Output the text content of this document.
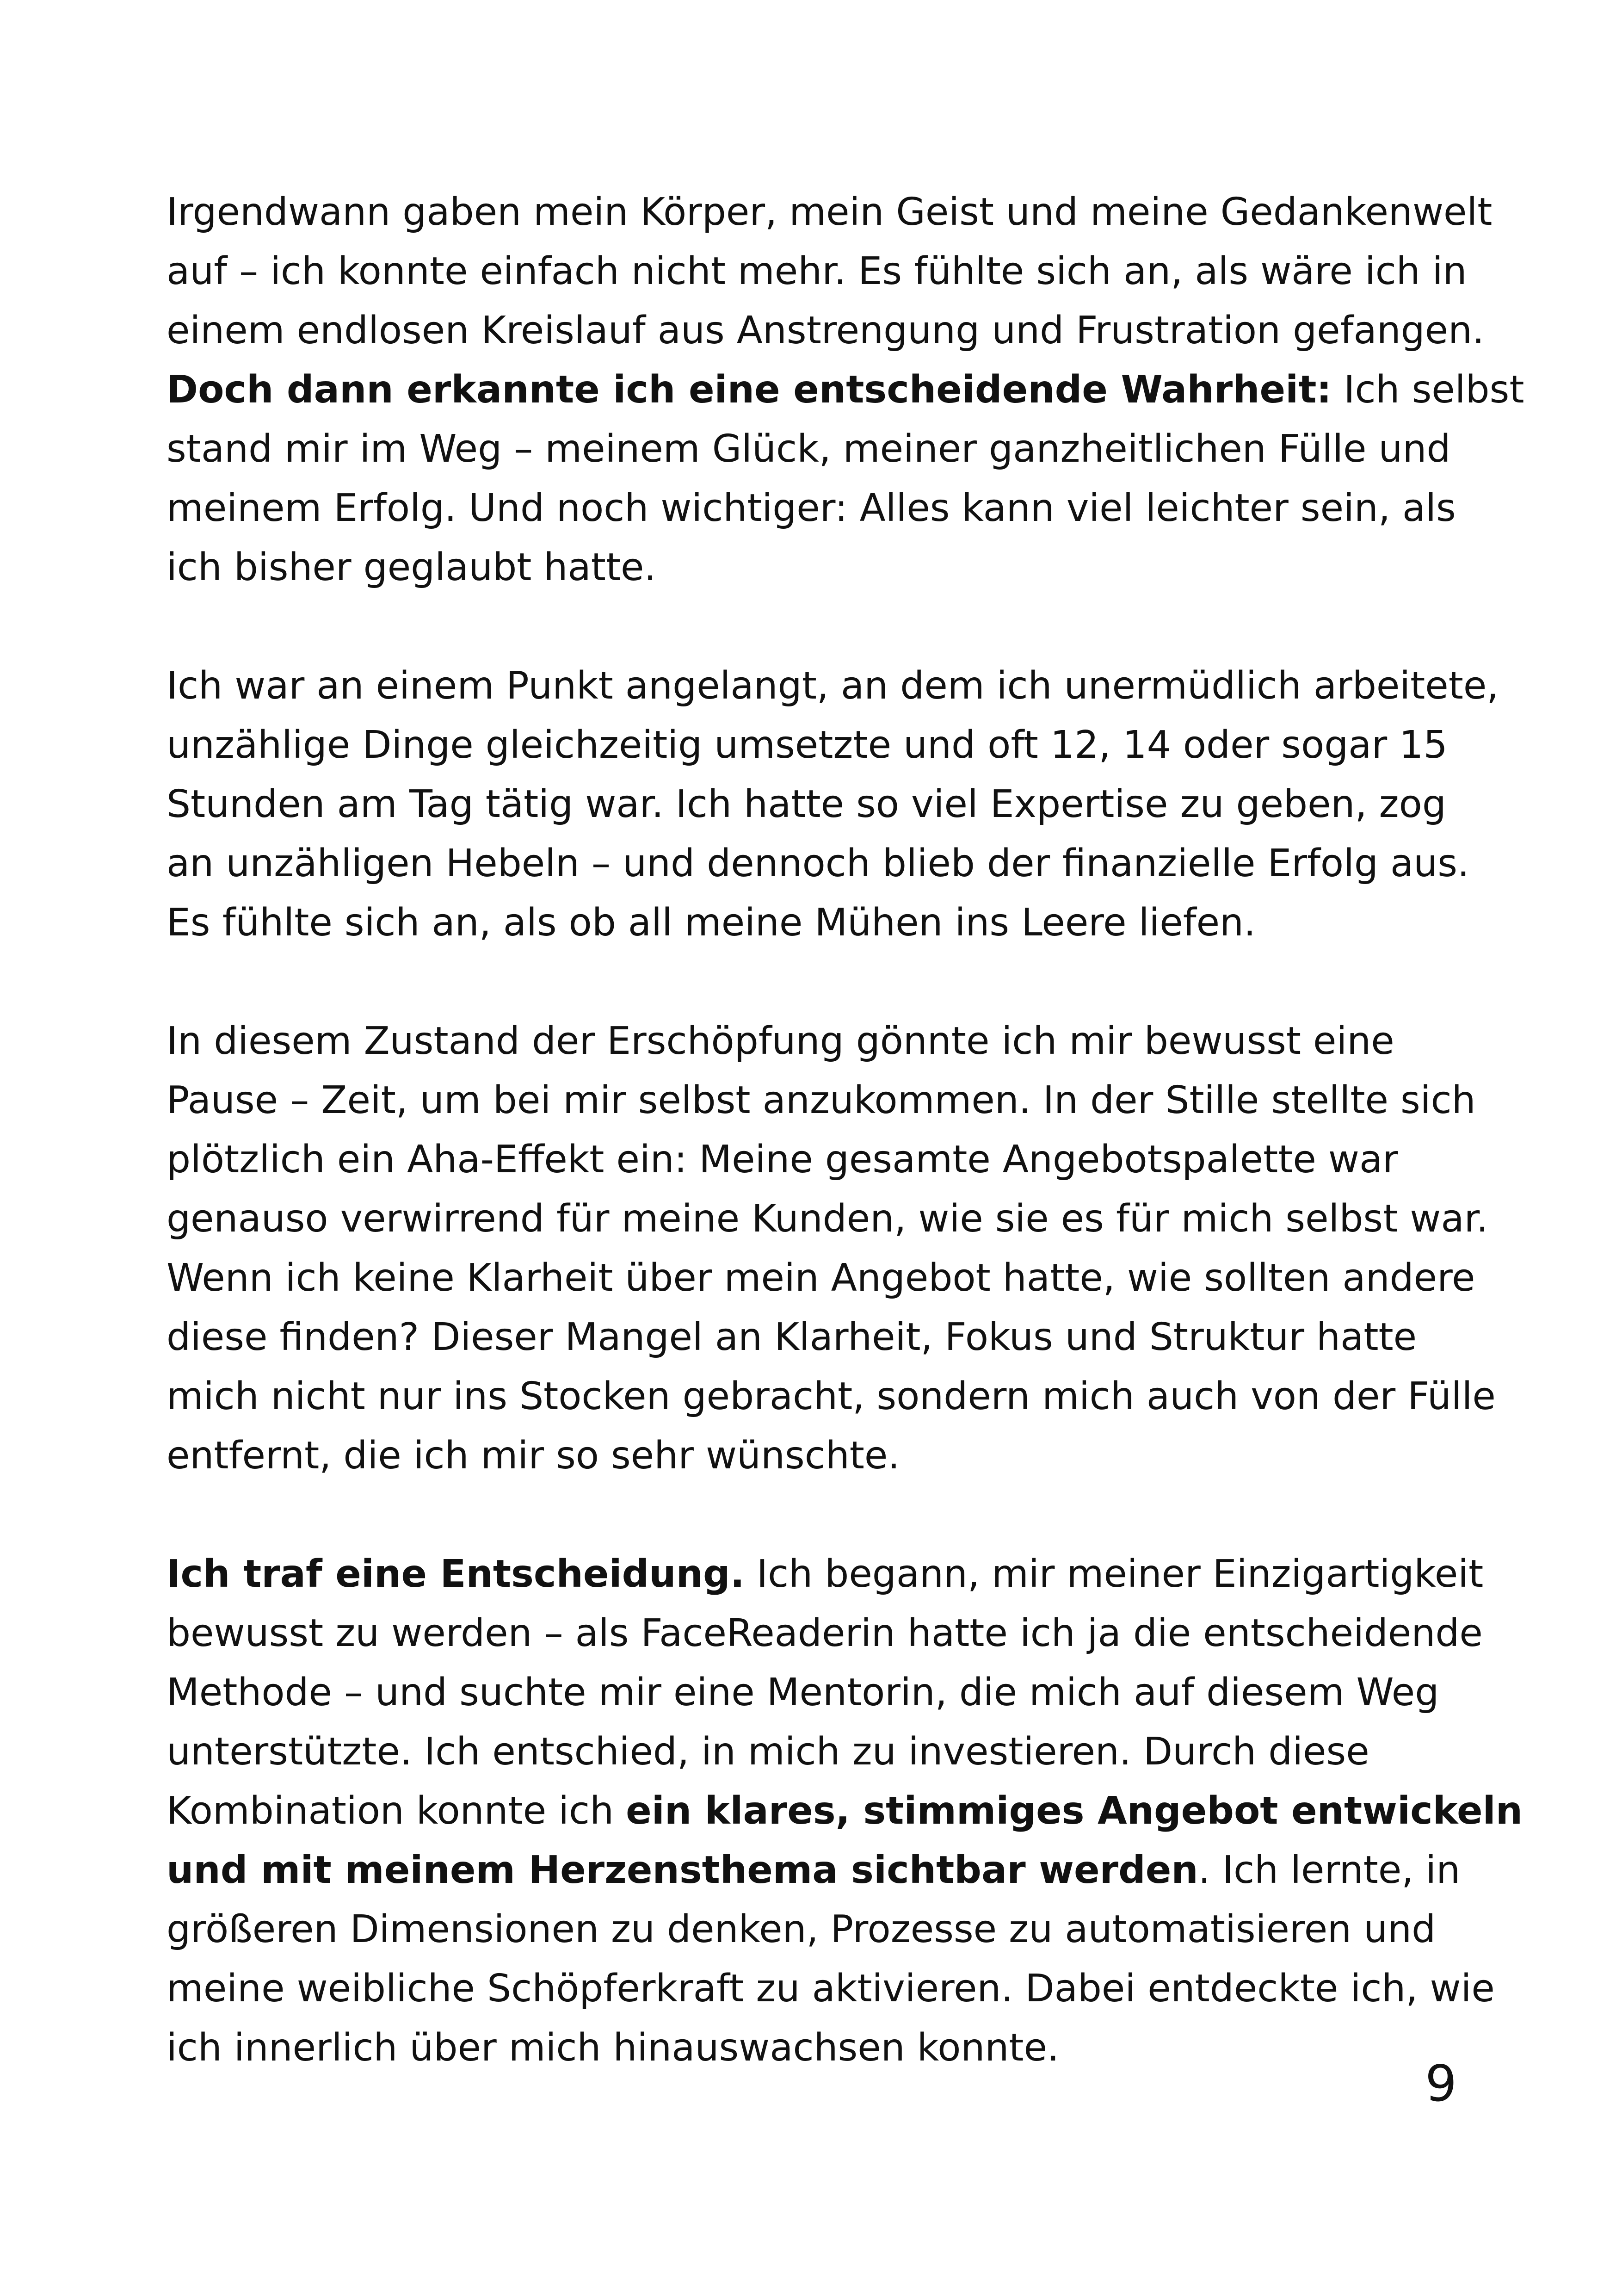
Irgendwann gaben mein Körper, mein Geist und meine Gedankenwelt
auf – ich konnte einfach nicht mehr. Es fühlte sich an, als wäre ich in
einem endlosen Kreislauf aus Anstrengung und Frustration gefangen.
Doch dann erkannte ich eine entscheidende Wahrheit: Ich selbst
stand mir im Weg – meinem Glück, meiner ganzheitlichen Fülle und
meinem Erfolg. Und noch wichtiger: Alles kann viel leichter sein, als
ich bisher geglaubt hatte.

Ich war an einem Punkt angelangt, an dem ich unermüdlich arbeitete,
unzählige Dinge gleichzeitig umsetzte und oft 12, 14 oder sogar 15
Stunden am Tag tätig war. Ich hatte so viel Expertise zu geben, zog
an unzähligen Hebeln – und dennoch blieb der finanzielle Erfolg aus.
Es fühlte sich an, als ob all meine Mühen ins Leere liefen.

In diesem Zustand der Erschöpfung gönnte ich mir bewusst eine
Pause – Zeit, um bei mir selbst anzukommen. In der Stille stellte sich
plötzlich ein Aha-Effekt ein: Meine gesamte Angebotspalette war
genauso verwirrend für meine Kunden, wie sie es für mich selbst war.
Wenn ich keine Klarheit über mein Angebot hatte, wie sollten andere
diese finden? Dieser Mangel an Klarheit, Fokus und Struktur hatte
mich nicht nur ins Stocken gebracht, sondern mich auch von der Fülle
entfernt, die ich mir so sehr wünschte.

Ich traf eine Entscheidung. Ich begann, mir meiner Einzigartigkeit
bewusst zu werden – als FaceReaderin hatte ich ja die entscheidende
Methode – und suchte mir eine Mentorin, die mich auf diesem Weg
unterstützte. Ich entschied, in mich zu investieren. Durch diese
Kombination konnte ich ein klares, stimmiges Angebot entwickeln
und mit meinem Herzensthema sichtbar werden. Ich lernte, in
größeren Dimensionen zu denken, Prozesse zu automatisieren und
meine weibliche Schöpferkraft zu aktivieren. Dabei entdeckte ich, wie
ich innerlich über mich hinauswachsen konnte.

9
